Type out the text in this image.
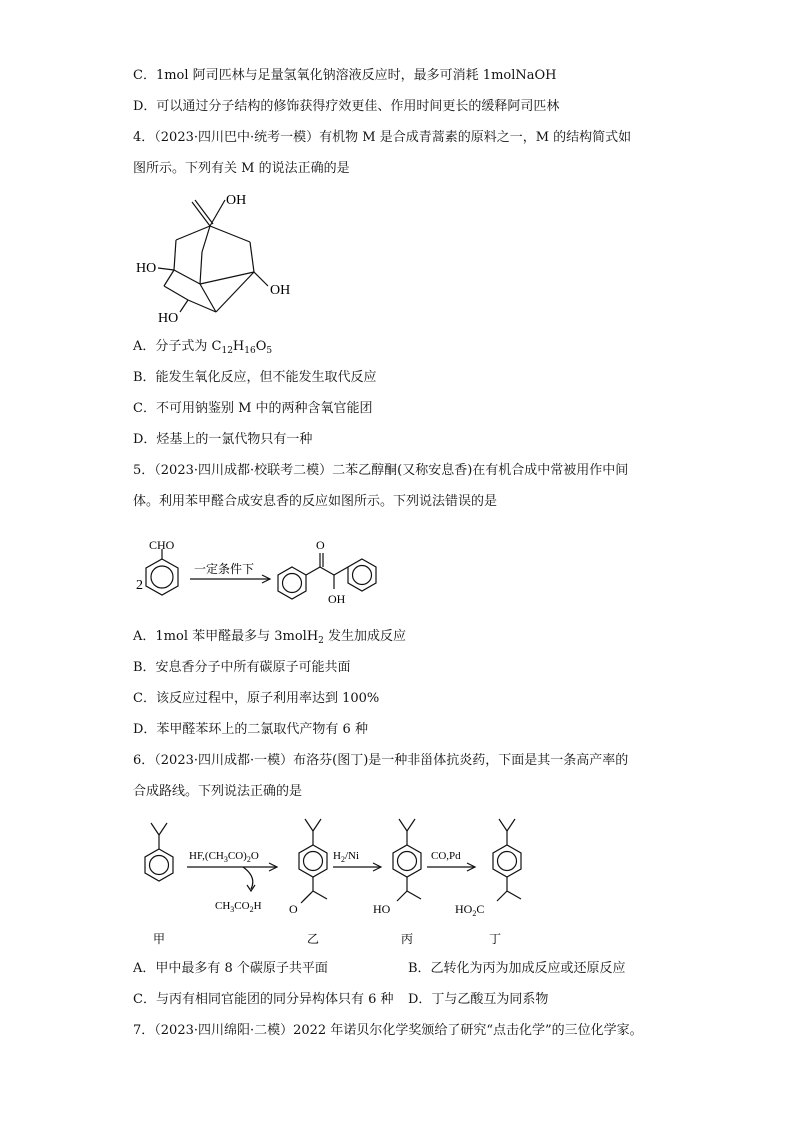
C．1mol 阿司匹林与足量氢氧化钠溶液反应时，最多可消耗 1molNaOH
D．可以通过分子结构的修饰获得疗效更佳、作用时间更长的缓释阿司匹林
4．（2023·四川巴中·统考一模）有机物 M 是合成青蒿素的原料之一，M 的结构简式如
图所示。下列有关 M 的说法正确的是
OH
HO
OH
HO
A．分子式为 $C_{12}H_{16}O_5$
B．能发生氧化反应，但不能发生取代反应
C．不可用钠鉴别 M 中的两种含氧官能团
D．烃基上的一氯代物只有一种
5．（2023·四川成都·校联考二模）二苯乙醇酮(又称安息香)在有机合成中常被用作中间
体。利用苯甲醛合成安息香的反应如图所示。下列说法错误的是
2
CHO
一定条件下
O
OH
A．1mol 苯甲醛最多与 3molH$_2$ 发生加成反应
B．安息香分子中所有碳原子可能共面
C．该反应过程中，原子利用率达到 100%
D．苯甲醛苯环上的二氯取代产物有 6 种
6．（2023·四川成都·一模）布洛芬(图丁)是一种非甾体抗炎药，下面是其一条高产率的
合成路线。下列说法正确的是
$HF,(CH_3CO)_2O$
$CH_3CO_2H$
$H_2/Ni$	CO,Pd
O	HO	$HO_2C$
甲	乙	丙	丁
A．甲中最多有 8 个碳原子共平面	B．乙转化为丙为加成反应或还原反应
C．与丙有相同官能团的同分异构体只有 6 种 D．丁与乙酸互为同系物
7．（2023·四川绵阳·二模）2022 年诺贝尔化学奖颁给了研究“点击化学”的三位化学家。
